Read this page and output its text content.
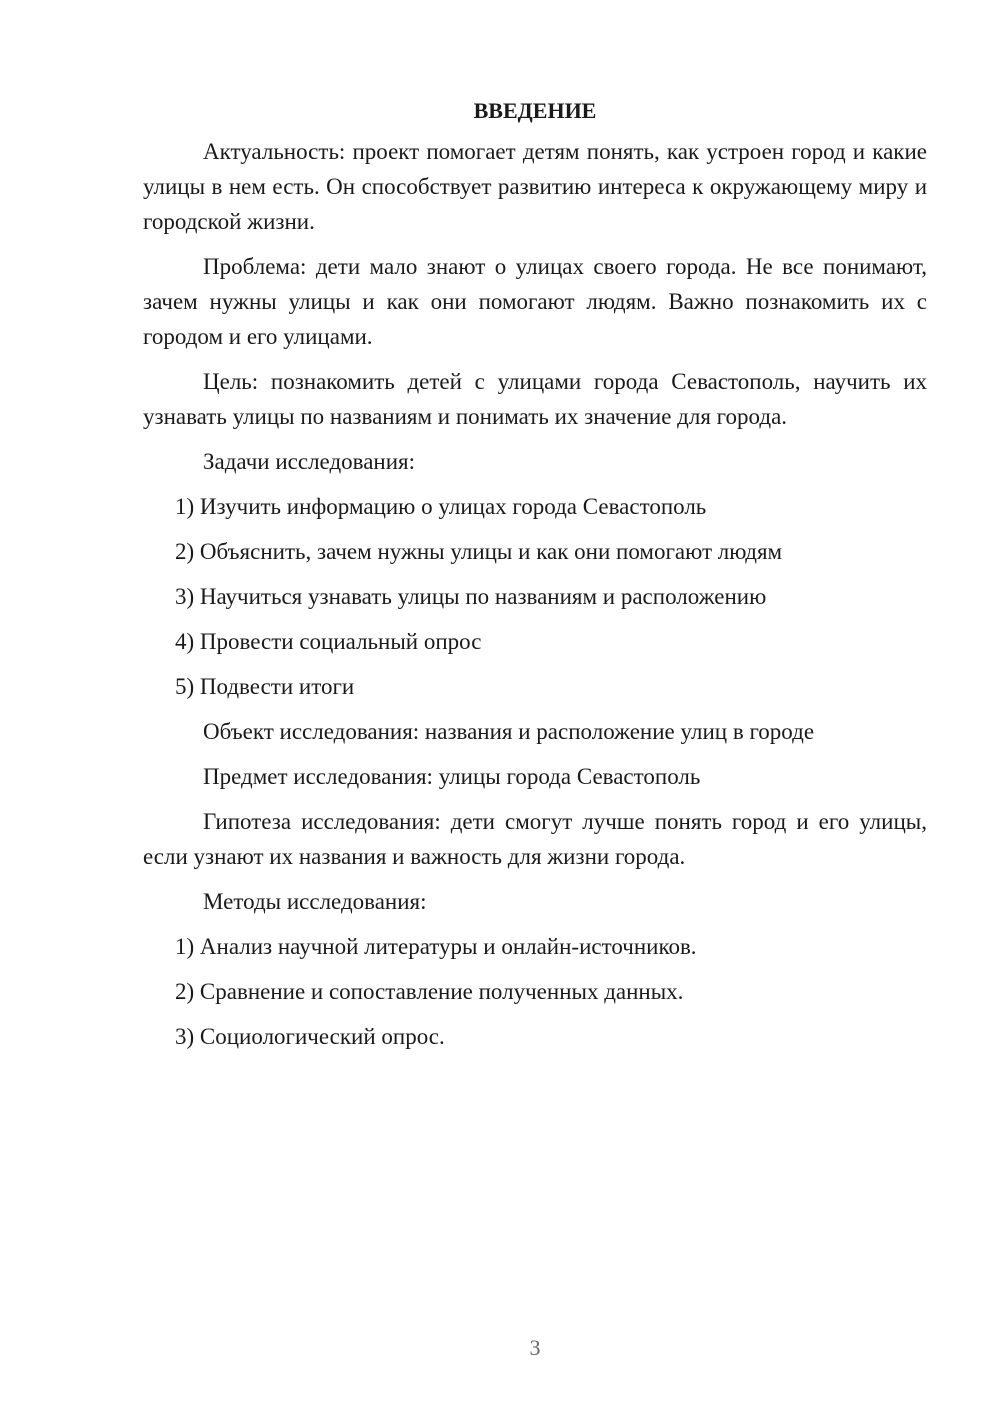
ВВЕДЕНИЕ

Актуальность: проект помогает детям понять, как устроен город и какие улицы в нем есть. Он способствует развитию интереса к окружающему миру и городской жизни.

Проблема: дети мало знают о улицах своего города. Не все понимают, зачем нужны улицы и как они помогают людям. Важно познакомить их с городом и его улицами.

Цель: познакомить детей с улицами города Севастополь, научить их узнавать улицы по названиям и понимать их значение для города.

Задачи исследования:
1) Изучить информацию о улицах города Севастополь
2) Объяснить, зачем нужны улицы и как они помогают людям
3) Научиться узнавать улицы по названиям и расположению
4) Провести социальный опрос
5) Подвести итоги
Объект исследования: названия и расположение улиц в городе
Предмет исследования: улицы города Севастополь

Гипотеза исследования: дети смогут лучше понять город и его улицы, если узнают их названия и важность для жизни города.

Методы исследования:
1) Анализ научной литературы и онлайн-источников.
2) Сравнение и сопоставление полученных данных.
3) Социологический опрос.
3
